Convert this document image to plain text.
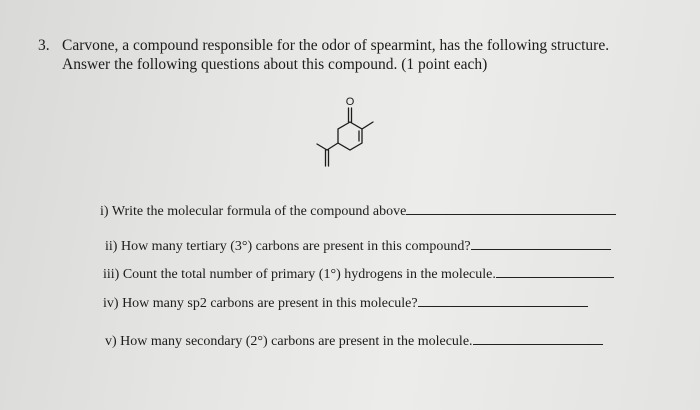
3. Carvone, a compound responsible for the odor of spearmint, has the following structure.
Answer the following questions about this compound. (1 point each)
O
i) Write the molecular formula of the compound above
ii) How many tertiary (3°) carbons are present in this compound?
iii) Count the total number of primary (1°) hydrogens in the molecule.
iv) How many sp2 carbons are present in this molecule?
v) How many secondary (2°) carbons are present in the molecule.
